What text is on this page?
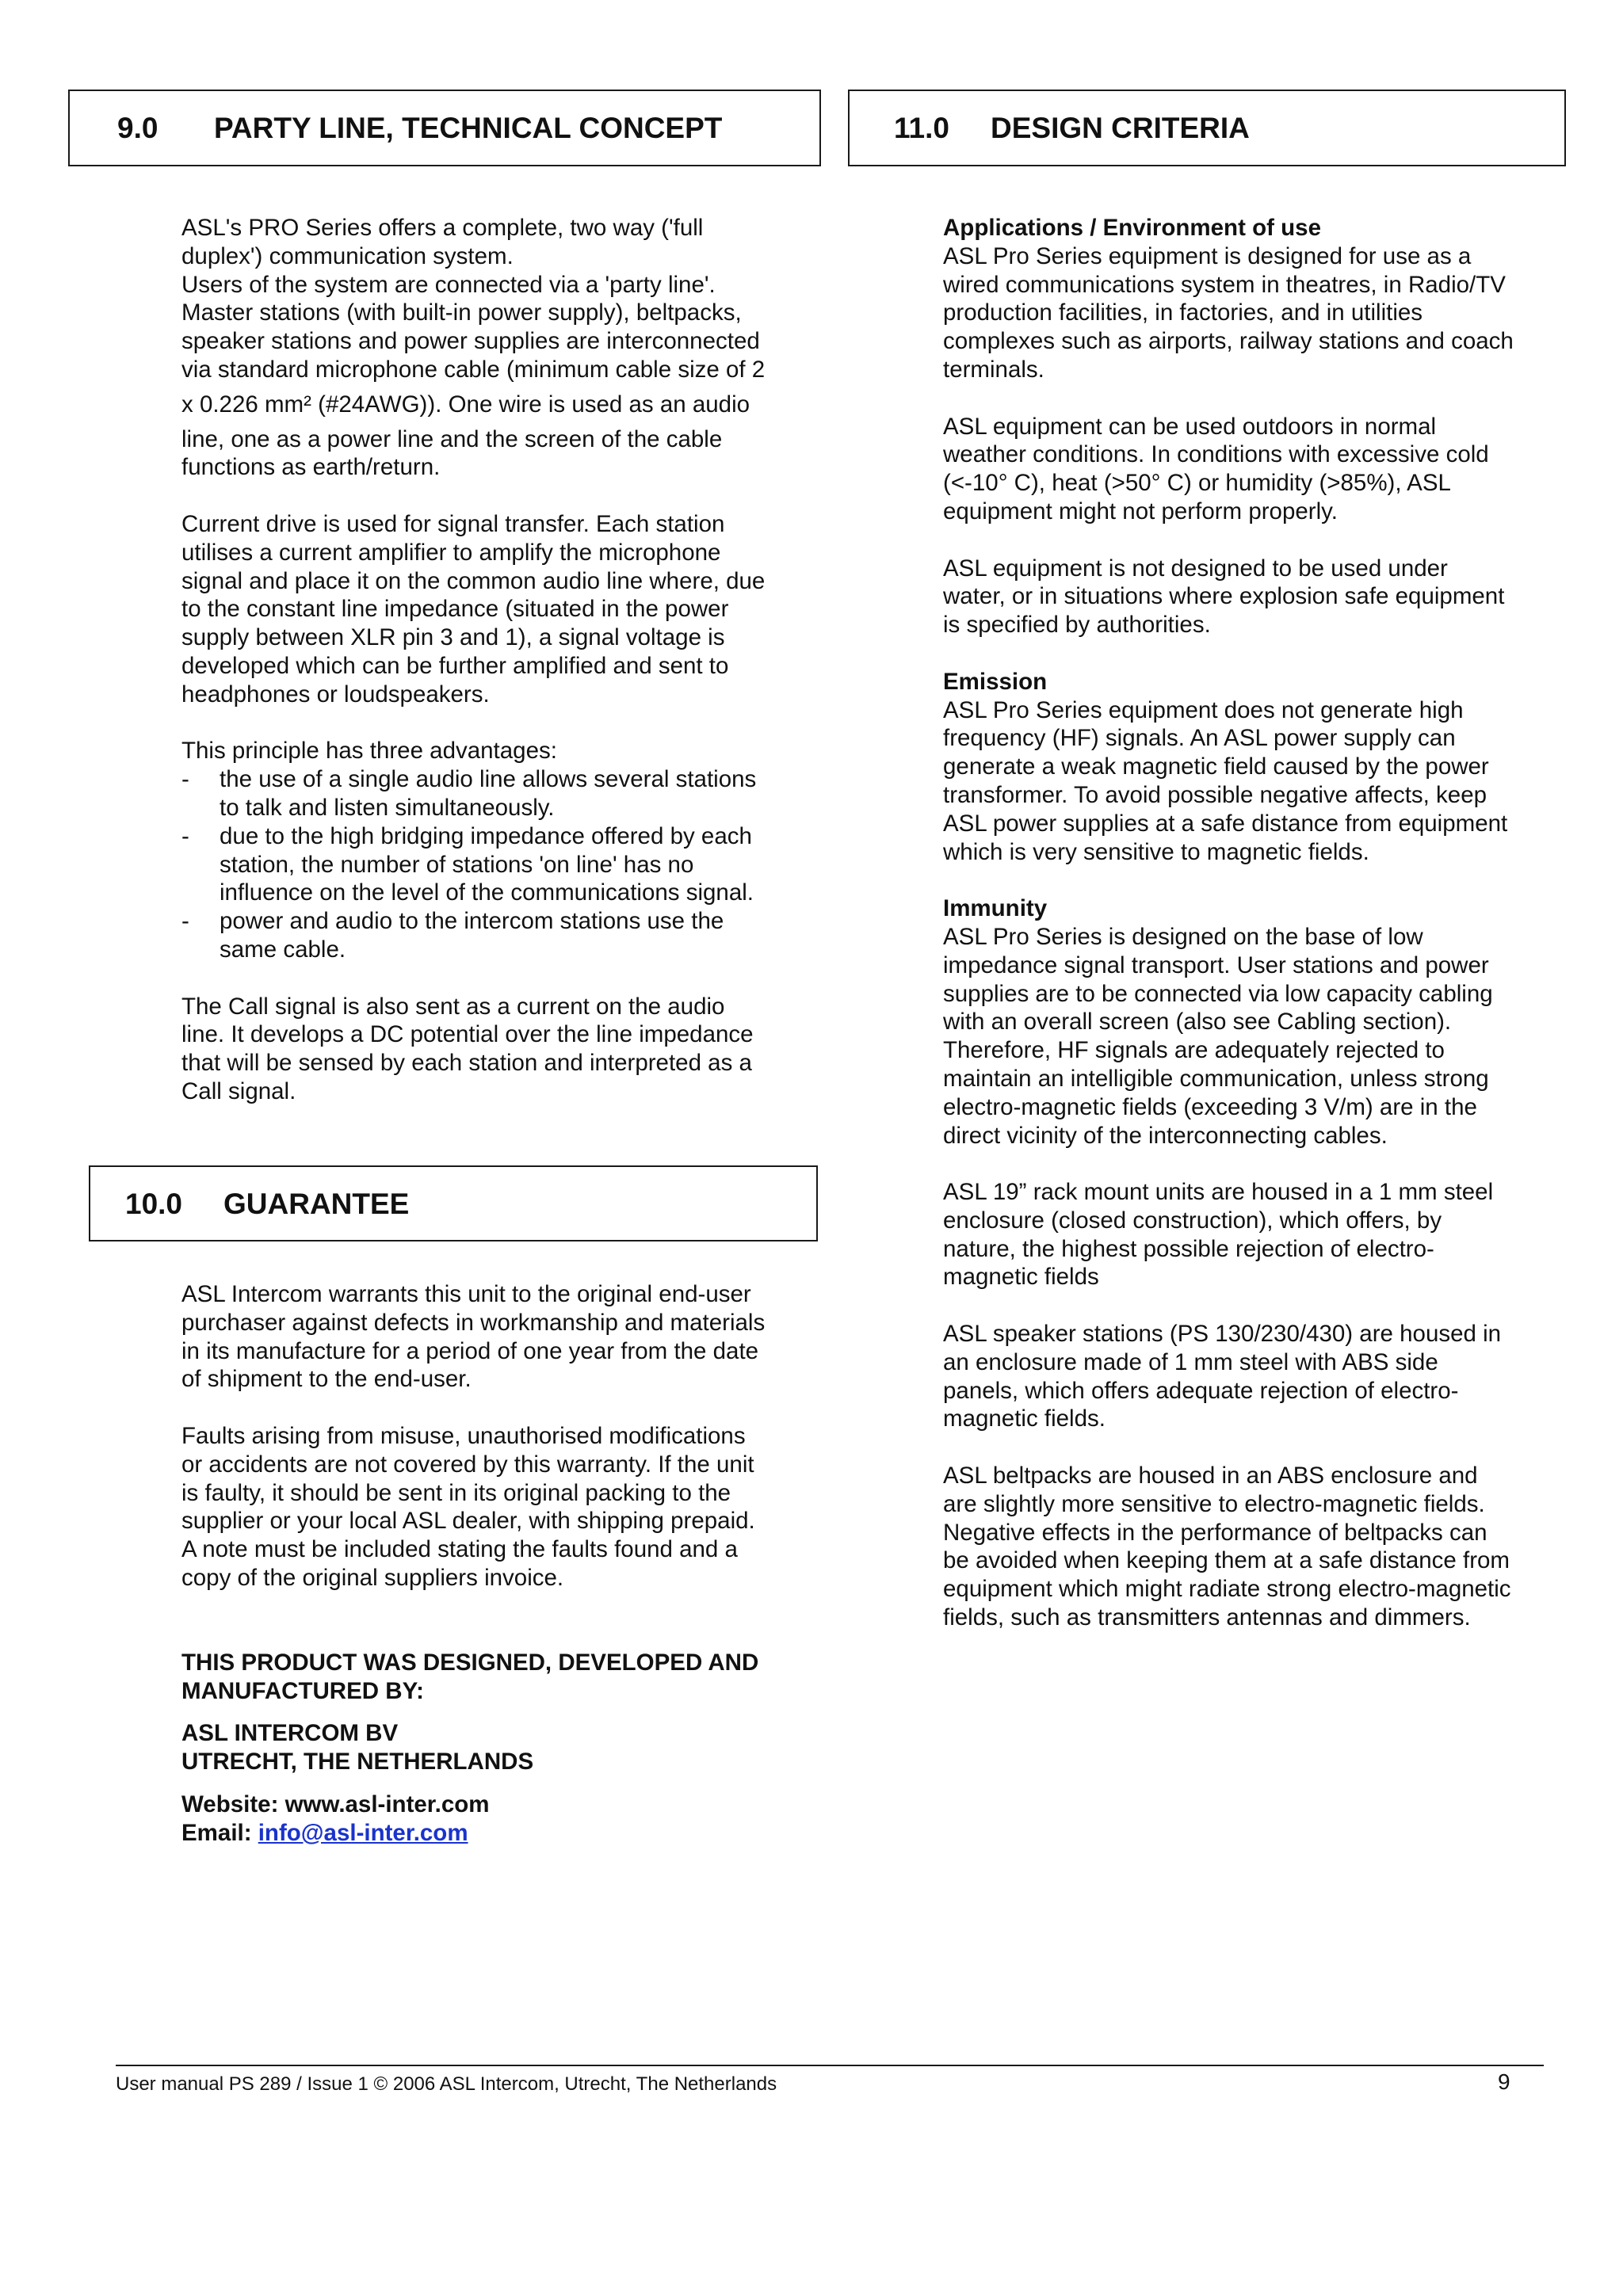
9.0	PARTY LINE, TECHNICAL CONCEPT	11.0	DESIGN CRITERIA
10.0	GUARANTEE

ASL's PRO Series offers a complete, two way ('full
duplex') communication system.
Users of the system are connected via a 'party line'.
Master stations (with built-in power supply), beltpacks,
speaker stations and power supplies are interconnected
via standard microphone cable (minimum cable size of 2
x 0.226 mm² (#24AWG)). One wire is used as an audio
line, one as a power line and the screen of the cable
functions as earth/return.

Current drive is used for signal transfer. Each station
utilises a current amplifier to amplify the microphone
signal and place it on the common audio line where, due
to the constant line impedance (situated in the power
supply between XLR pin 3 and 1), a signal voltage is
developed which can be further amplified and sent to
headphones or loudspeakers.

This principle has three advantages:

- the use of a single audio line allows several stations
to talk and listen simultaneously.
- due to the high bridging impedance offered by each
station, the number of stations 'on line' has no
influence on the level of the communications signal.
- power and audio to the intercom stations use the
same cable.

The Call signal is also sent as a current on the audio
line. It develops a DC potential over the line impedance
that will be sensed by each station and interpreted as a
Call signal.

ASL Intercom warrants this unit to the original end-user
purchaser against defects in workmanship and materials
in its manufacture for a period of one year from the date
of shipment to the end-user.

Faults arising from misuse, unauthorised modifications
or accidents are not covered by this warranty. If the unit
is faulty, it should be sent in its original packing to the
supplier or your local ASL dealer, with shipping prepaid.
A note must be included stating the faults found and a
copy of the original suppliers invoice.

THIS PRODUCT WAS DESIGNED, DEVELOPED AND
MANUFACTURED BY:

ASL INTERCOM BV
UTRECHT, THE NETHERLANDS

Website: www.asl-inter.com
Email: info@asl-inter.com

Applications / Environment of use
ASL Pro Series equipment is designed for use as a
wired communications system in theatres, in Radio/TV
production facilities, in factories, and in utilities
complexes such as airports, railway stations and coach
terminals.

ASL equipment can be used outdoors in normal
weather conditions. In conditions with excessive cold
(<-10° C), heat (>50° C) or humidity (>85%), ASL
equipment might not perform properly.

ASL equipment is not designed to be used under
water, or in situations where explosion safe equipment
is specified by authorities.

Emission
ASL Pro Series equipment does not generate high
frequency (HF) signals. An ASL power supply can
generate a weak magnetic field caused by the power
transformer. To avoid possible negative affects, keep
ASL power supplies at a safe distance from equipment
which is very sensitive to magnetic fields.

Immunity
ASL Pro Series is designed on the base of low
impedance signal transport. User stations and power
supplies are to be connected via low capacity cabling
with an overall screen (also see Cabling section).
Therefore, HF signals are adequately rejected to
maintain an intelligible communication, unless strong
electro-magnetic fields (exceeding 3 V/m) are in the
direct vicinity of the interconnecting cables.

ASL 19” rack mount units are housed in a 1 mm steel
enclosure (closed construction), which offers, by
nature, the highest possible rejection of electro-
magnetic fields

ASL speaker stations (PS 130/230/430) are housed in
an enclosure made of 1 mm steel with ABS side
panels, which offers adequate rejection of electro-
magnetic fields.

ASL beltpacks are housed in an ABS enclosure and
are slightly more sensitive to electro-magnetic fields.
Negative effects in the performance of beltpacks can
be avoided when keeping them at a safe distance from
equipment which might radiate strong electro-magnetic
fields, such as transmitters antennas and dimmers.

User manual PS 289 / Issue 1 © 2006 ASL Intercom, Utrecht, The Netherlands	9
